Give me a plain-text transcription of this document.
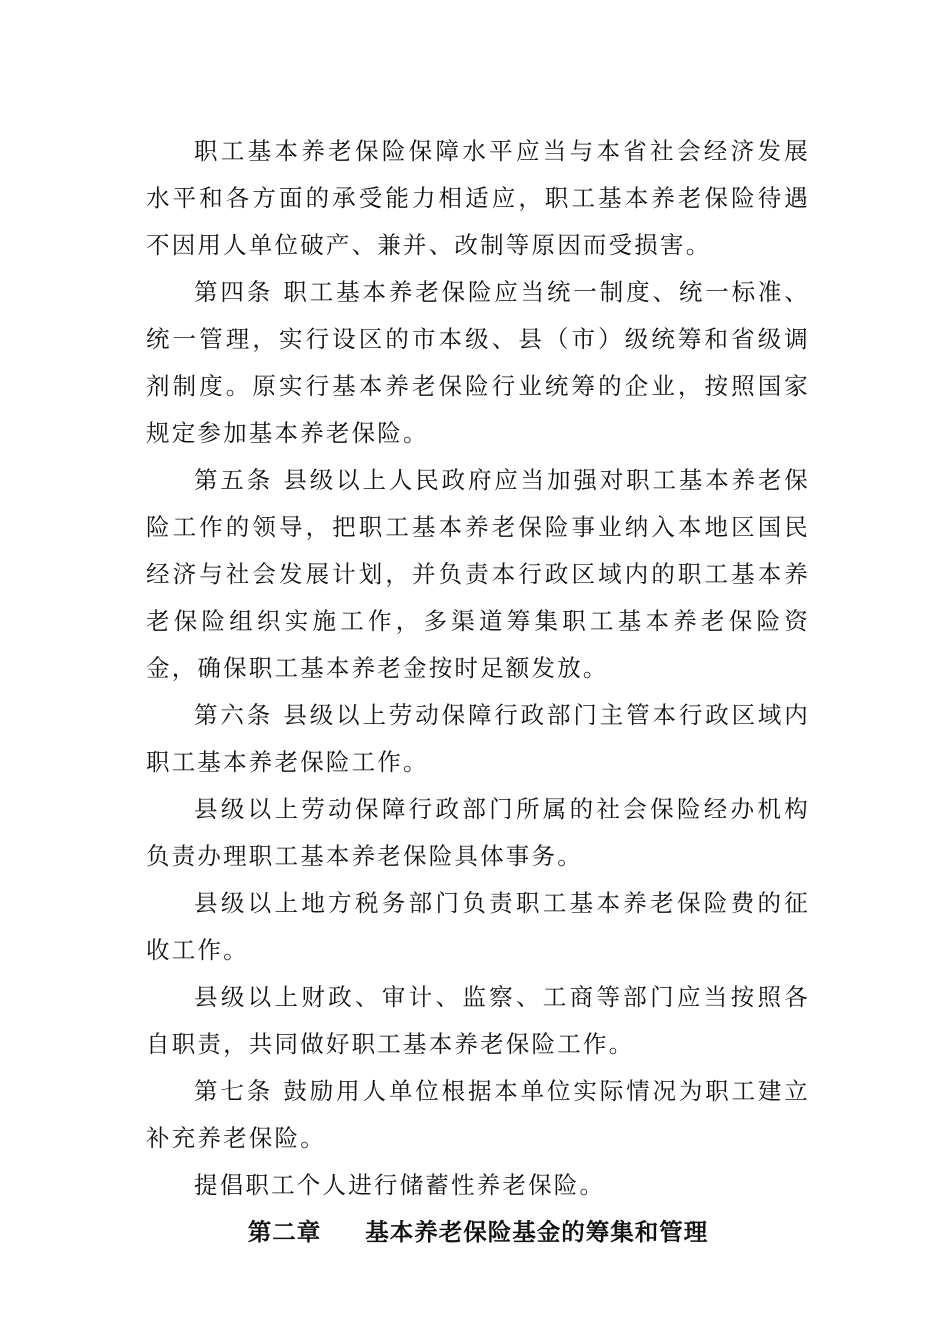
职工基本养老保险保障水平应当与本省社会经济发展水平和各方面的承受能力相适应，职工基本养老保险待遇不因用人单位破产、兼并、改制等原因而受损害。

第四条 职工基本养老保险应当统一制度、统一标准、统一管理，实行设区的市本级、县（市）级统筹和省级调剂制度。原实行基本养老保险行业统筹的企业，按照国家规定参加基本养老保险。

第五条 县级以上人民政府应当加强对职工基本养老保险工作的领导，把职工基本养老保险事业纳入本地区国民经济与社会发展计划，并负责本行政区域内的职工基本养老保险组织实施工作，多渠道筹集职工基本养老保险资金，确保职工基本养老金按时足额发放。

第六条 县级以上劳动保障行政部门主管本行政区域内职工基本养老保险工作。

县级以上劳动保障行政部门所属的社会保险经办机构负责办理职工基本养老保险具体事务。

县级以上地方税务部门负责职工基本养老保险费的征收工作。

县级以上财政、审计、监察、工商等部门应当按照各自职责，共同做好职工基本养老保险工作。

第七条 鼓励用人单位根据本单位实际情况为职工建立补充养老保险。

提倡职工个人进行储蓄性养老保险。

第二章 基本养老保险基金的筹集和管理
